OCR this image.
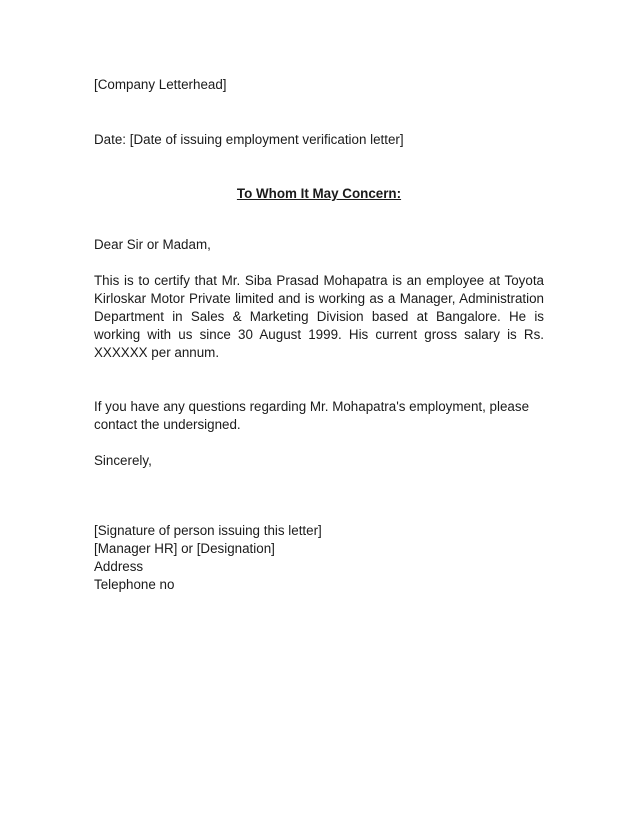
[Company Letterhead]

Date: [Date of issuing employment verification letter]

To Whom It May Concern:

Dear Sir or Madam,

This is to certify that Mr. Siba Prasad Mohapatra is an employee at Toyota Kirloskar Motor Private limited and is working as a Manager, Administration Department in Sales & Marketing Division based at Bangalore. He is working with us since 30 August 1999. His current gross salary is Rs. XXXXXX per annum.

If you have any questions regarding Mr. Mohapatra's employment, please contact the undersigned.

Sincerely,

[Signature of person issuing this letter]
[Manager HR] or [Designation]
Address
Telephone no
